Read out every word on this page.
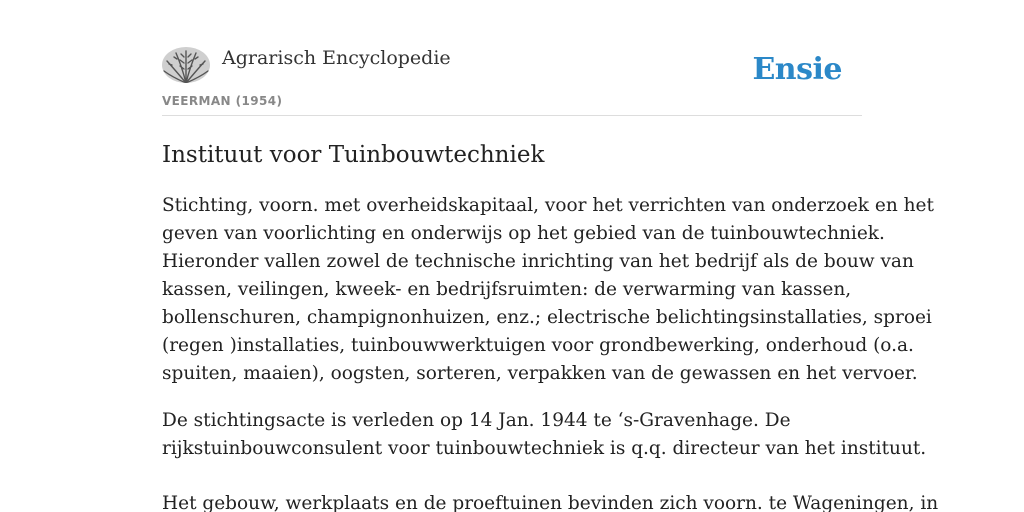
Agrarisch Encyclopedie	Ensie
VEERMAN (1954)
Instituut voor Tuinbouwtechniek

Stichting, voorn. met overheidskapitaal, voor het verrichten van onderzoek en het
geven van voorlichting en onderwijs op het gebied van de tuinbouwtechniek.
Hieronder vallen zowel de technische inrichting van het bedrijf als de bouw van
kassen, veilingen, kweek- en bedrijfsruimten: de verwarming van kassen,
bollenschuren, champignonhuizen, enz.; electrische belichtingsinstallaties, sproei
(regen )installaties, tuinbouwwerktuigen voor grondbewerking, onderhoud (o.a.
spuiten, maaien), oogsten, sorteren, verpakken van de gewassen en het vervoer.

De stichtingsacte is verleden op 14 Jan. 1944 te ‘s-Gravenhage. De
rijkstuinbouwconsulent voor tuinbouwtechniek is q.q. directeur van het instituut.

Het gebouw, werkplaats en de proeftuinen bevinden zich voorn. te Wageningen, in
